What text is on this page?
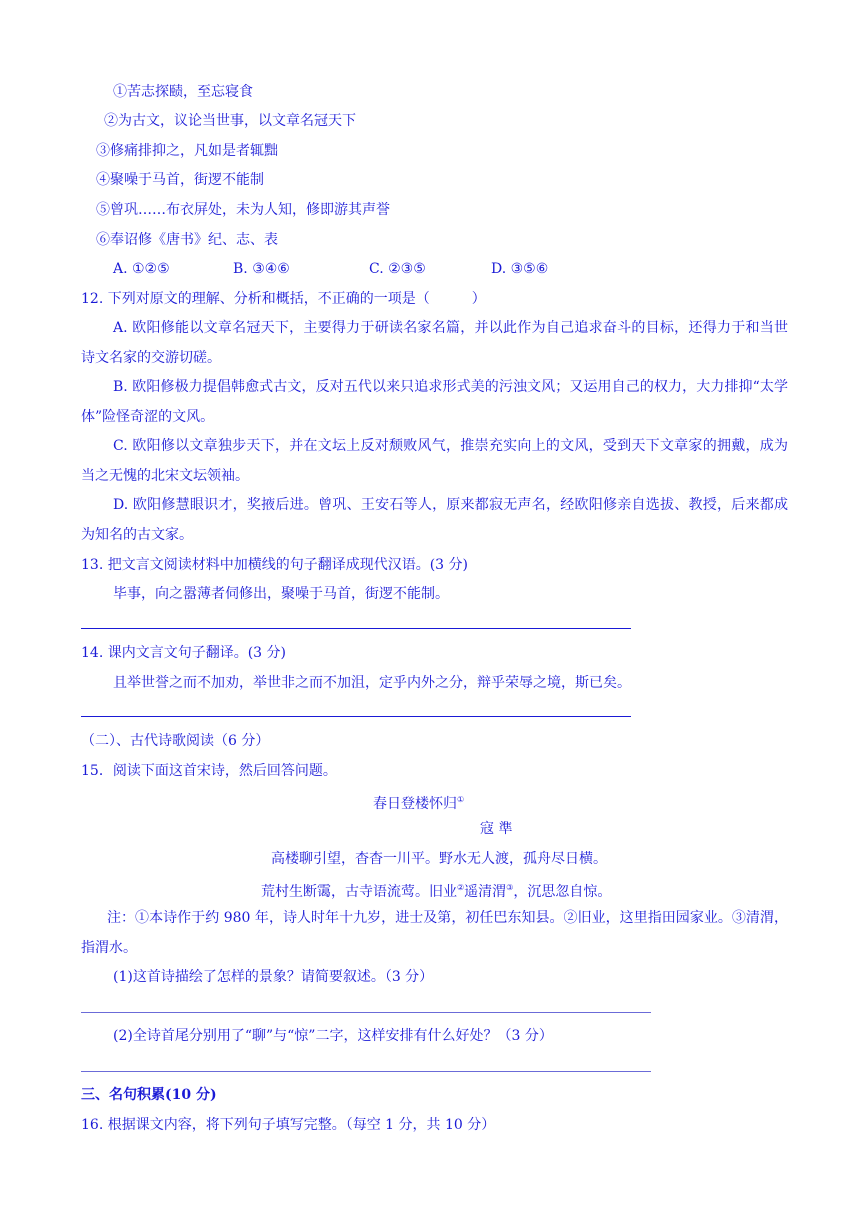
①苦志探赜，至忘寝食
②为古文，议论当世事，以文章名冠天下
③修痛排抑之，凡如是者辄黜
④聚噪于马首，街逻不能制
⑤曾巩……布衣屏处，未为人知，修即游其声誉
⑥奉诏修《唐书》纪、志、表
A. ①②⑤	B. ③④⑥	C. ②③⑤	D. ③⑤⑥
12. 下列对原文的理解、分析和概括，不正确的一项是（　　　）
A. 欧阳修能以文章名冠天下，主要得力于研读名家名篇，并以此作为自己追求奋斗的目标，还得力于和当世诗文名家的交游切磋。
B. 欧阳修极力提倡韩愈式古文，反对五代以来只追求形式美的污浊文风；又运用自己的权力，大力排抑“太学体”险怪奇涩的文风。
C. 欧阳修以文章独步天下，并在文坛上反对颓败风气，推崇充实向上的文风，受到天下文章家的拥戴，成为当之无愧的北宋文坛领袖。
D. 欧阳修慧眼识才，奖掖后进。曾巩、王安石等人，原来都寂无声名，经欧阳修亲自选拔、教授，后来都成为知名的古文家。
13. 把文言文阅读材料中加横线的句子翻译成现代汉语。(3 分)
毕事，向之嚣薄者伺修出，聚噪于马首，街逻不能制。
14. 课内文言文句子翻译。(3 分)
且举世誉之而不加劝，举世非之而不加沮，定乎内外之分，辩乎荣辱之境，斯已矣。
（二）、古代诗歌阅读（6 分）
15．阅读下面这首宋诗，然后回答问题。
春日登楼怀归①
寇 準
高楼聊引望，杳杳一川平。野水无人渡，孤舟尽日横。
荒村生断霭，古寺语流莺。旧业②遥清渭③，沉思忽自惊。
注：①本诗作于约 980 年，诗人时年十九岁，进士及第，初任巴东知县。②旧业，这里指田园家业。③清渭，指渭水。
(1)这首诗描绘了怎样的景象？请简要叙述。（3 分）
(2)全诗首尾分别用了“聊”与“惊”二字，这样安排有什么好处？（3 分）
三、名句积累(10 分)
16. 根据课文内容，将下列句子填写完整。（每空 1 分，共 10 分）
